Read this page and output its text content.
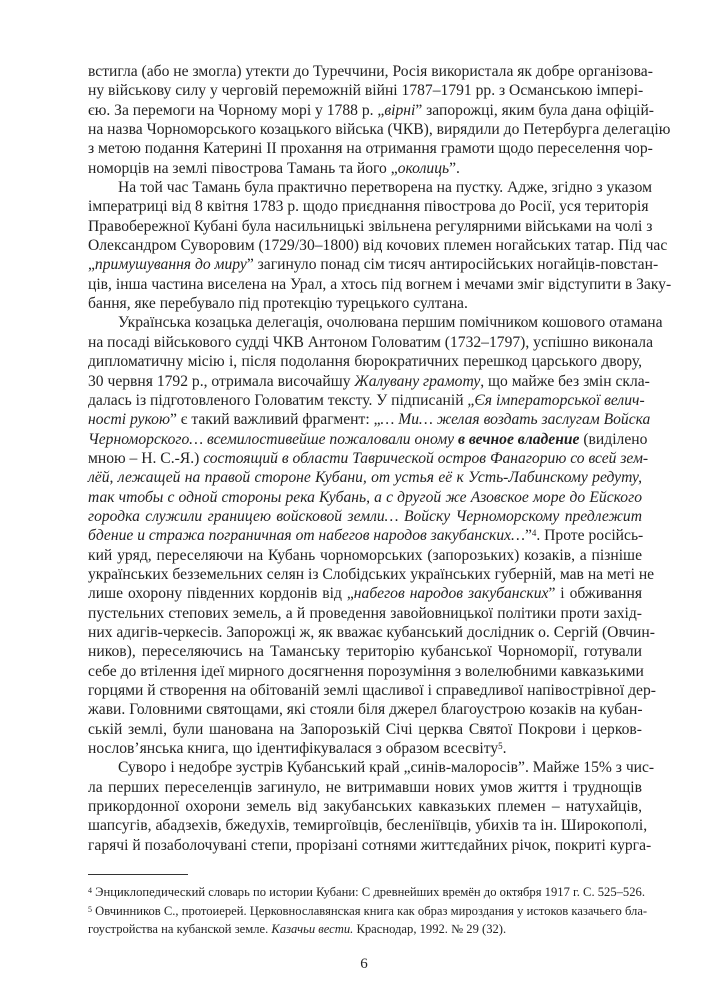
встигла (або не змогла) утекти до Туреччини, Росія використала як добре організова-
ну військову силу у черговій переможній війні 1787–1791 рр. з Османською імпері-
єю. За перемоги на Чорному морі у 1788 р. „вірні” запорожці, яким була дана офіцій-
на назва Чорноморського козацького війська (ЧКВ), вирядили до Петербурга делегацію
з метою подання Катерині II прохання на отримання грамоти щодо переселення чор-
номорців на землі півострова Тамань та його „околиць”.
На той час Тамань була практично перетворена на пустку. Адже, згідно з указом
імператриці від 8 квітня 1783 р. щодо приєднання півострова до Росії, уся територія
Правобережної Кубані була насильницькі звільнена регулярними військами на чолі з
Олександром Суворовим (1729/30–1800) від кочових племен ногайських татар. Під час
„примушування до миру” загинуло понад сім тисяч антиросійських ногайців-повстан-
ців, інша частина виселена на Урал, а хтось під вогнем і мечами зміг відступити в Заку-
бання, яке перебувало під протекцію турецького султана.
Українська козацька делегація, очолювана першим помічником кошового отамана
на посаді військового судді ЧКВ Антоном Головатим (1732–1797), успішно виконала
дипломатичну місію і, після подолання бюрократичних перешкод царського двору,
30 червня 1792 р., отримала височайшу Жалувану грамоту, що майже без змін скла-
далась із підготовленого Головатим тексту. У підписаній „Єя імператорської велич-
ності рукою” є такий важливий фрагмент: „… Ми… желая воздать заслугам Войска
Черноморского… всемилостивейше пожаловали оному в вечное владение (виділено
мною – Н. С.-Я.) состоящий в области Таврической остров Фанагорию со всей зем-
лёй, лежащей на правой стороне Кубани, от устья её к Усть-Лабинскому редуту,
так чтобы с одной стороны река Кубань, а с другой же Азовское море до Ейского
городка служили границею войсковой земли… Войску Черноморскому предлежит
бдение и стража пограничная от набегов народов закубанских…”$^4$. Проте російсь-
кий уряд, переселяючи на Кубань чорноморських (запорозьких) козаків, а пізніше
українських безземельних селян із Слобідських українських губерній, мав на меті не
лише охорону південних кордонів від „набегов народов закубанских” і обживання
пустельних степових земель, а й проведення завойовницької політики проти захід-
них адигів-черкесів. Запорожці ж, як вважає кубанський дослідник о. Сергій (Овчин-
ников), переселяючись на Таманську територію кубанської Чорноморії, готували
себе до втілення ідеї мирного досягнення порозуміння з волелюбними кавказькими
горцями й створення на обітованій землі щасливої і справедливої напівострівної дер-
жави. Головними святощами, які стояли біля джерел благоустрою козаків на кубан-
ській землі, були шанована на Запорозькій Січі церква Святої Покрови і церков-
нослов’янська книга, що ідентифікувалася з образом всесвіту$^5$.
Суворо і недобре зустрів Кубанський край „синів-малоросів”. Майже 15% з чис-
ла перших переселенців загинуло, не витримавши нових умов життя і труднощів
прикордонної охорони земель від закубанських кавказьких племен – натухайців,
шапсугів, абадзехів, бжедухів, темиргоївців, бесленіївців, убихів та ін. Широкополі,
гарячі й позаболочувані степи, прорізані сотнями життєдайних річок, покриті курга-
$^4$ Энциклопедический словарь по истории Кубани: С древнейших времён до октября 1917 г. С. 525–526.
$^5$ Овчинников С., протоиерей. Церковнославянская книга как образ мироздания у истоков казачьего бла-
гоустройства на кубанской земле. Казачьи вести. Краснодар, 1992. № 29 (32).
6
